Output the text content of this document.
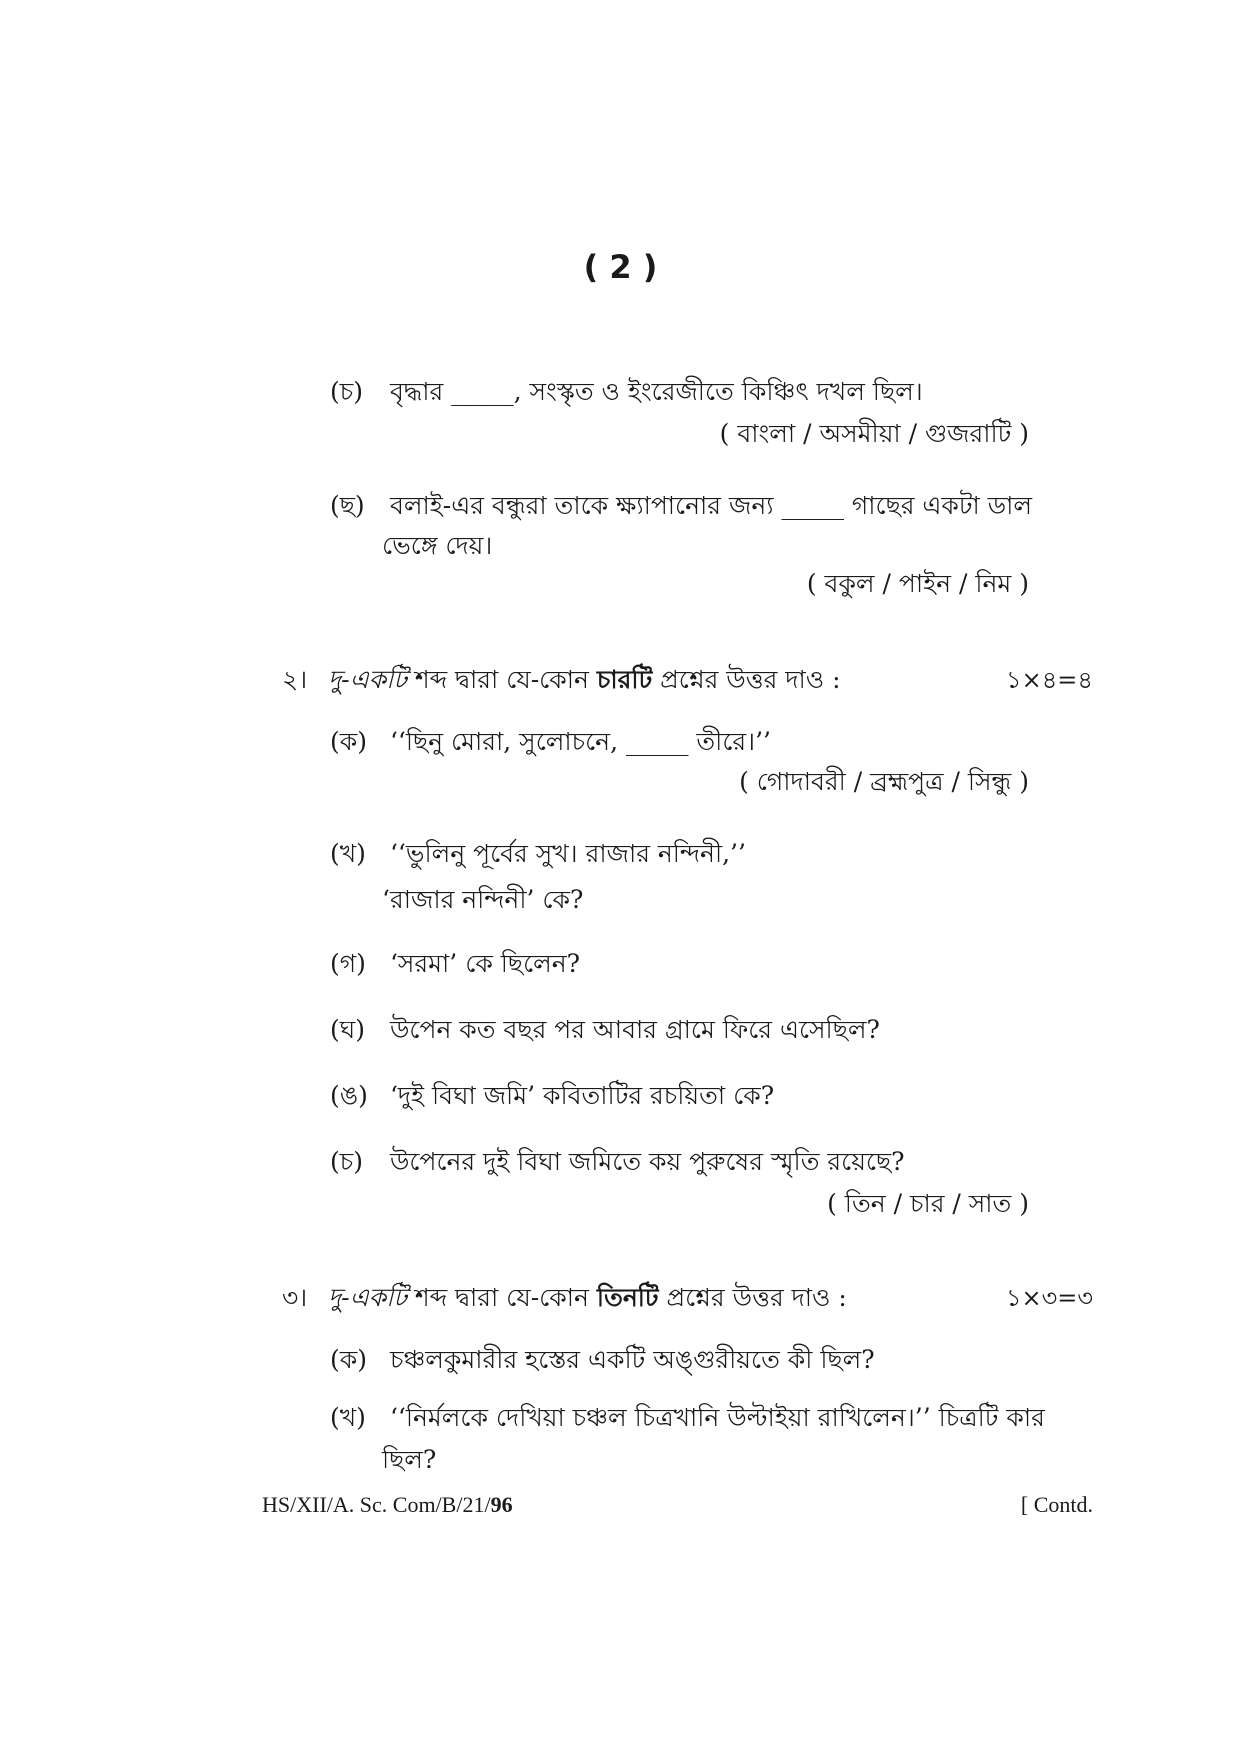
( 2 )
(চ) বৃদ্ধার _____, সংস্কৃত ও ইংরেজীতে কিঞ্চিৎ দখল ছিল।
( বাংলা / অসমীয়া / গুজরাটি )
(ছ) বলাই-এর বন্ধুরা তাকে ক্ষ্যাপানোর জন্য _____ গাছের একটা ডাল
ভেঙ্গে দেয়।
( বকুল / পাইন / নিম )
২। দু-একটি শব্দ দ্বারা যে-কোন চারটি প্রশ্নের উত্তর দাও :	১×৪=৪
(ক) ‘‘ছিনু মোরা, সুলোচনে, _____ তীরে।’’
( গোদাবরী / ব্রহ্মপুত্র / সিন্ধু )
(খ) ‘‘ভুলিনু পূর্বের সুখ। রাজার নন্দিনী,’’
‘রাজার নন্দিনী’ কে?
(গ) ‘সরমা’ কে ছিলেন?
(ঘ) উপেন কত বছর পর আবার গ্রামে ফিরে এসেছিল?
(ঙ) ‘দুই বিঘা জমি’ কবিতাটির রচয়িতা কে?
(চ) উপেনের দুই বিঘা জমিতে কয় পুরুষের স্মৃতি রয়েছে?
( তিন / চার / সাত )
৩। দু-একটি শব্দ দ্বারা যে-কোন তিনটি প্রশ্নের উত্তর দাও :	১×৩=৩
(ক) চঞ্চলকুমারীর হস্তের একটি অঙ্গুরীয়তে কী ছিল?
(খ) ‘‘নির্মলকে দেখিয়া চঞ্চল চিত্রখানি উল্টাইয়া রাখিলেন।’’ চিত্রটি কার
ছিল?
HS/XII/A. Sc. Com/B/21/96	[ Contd.
